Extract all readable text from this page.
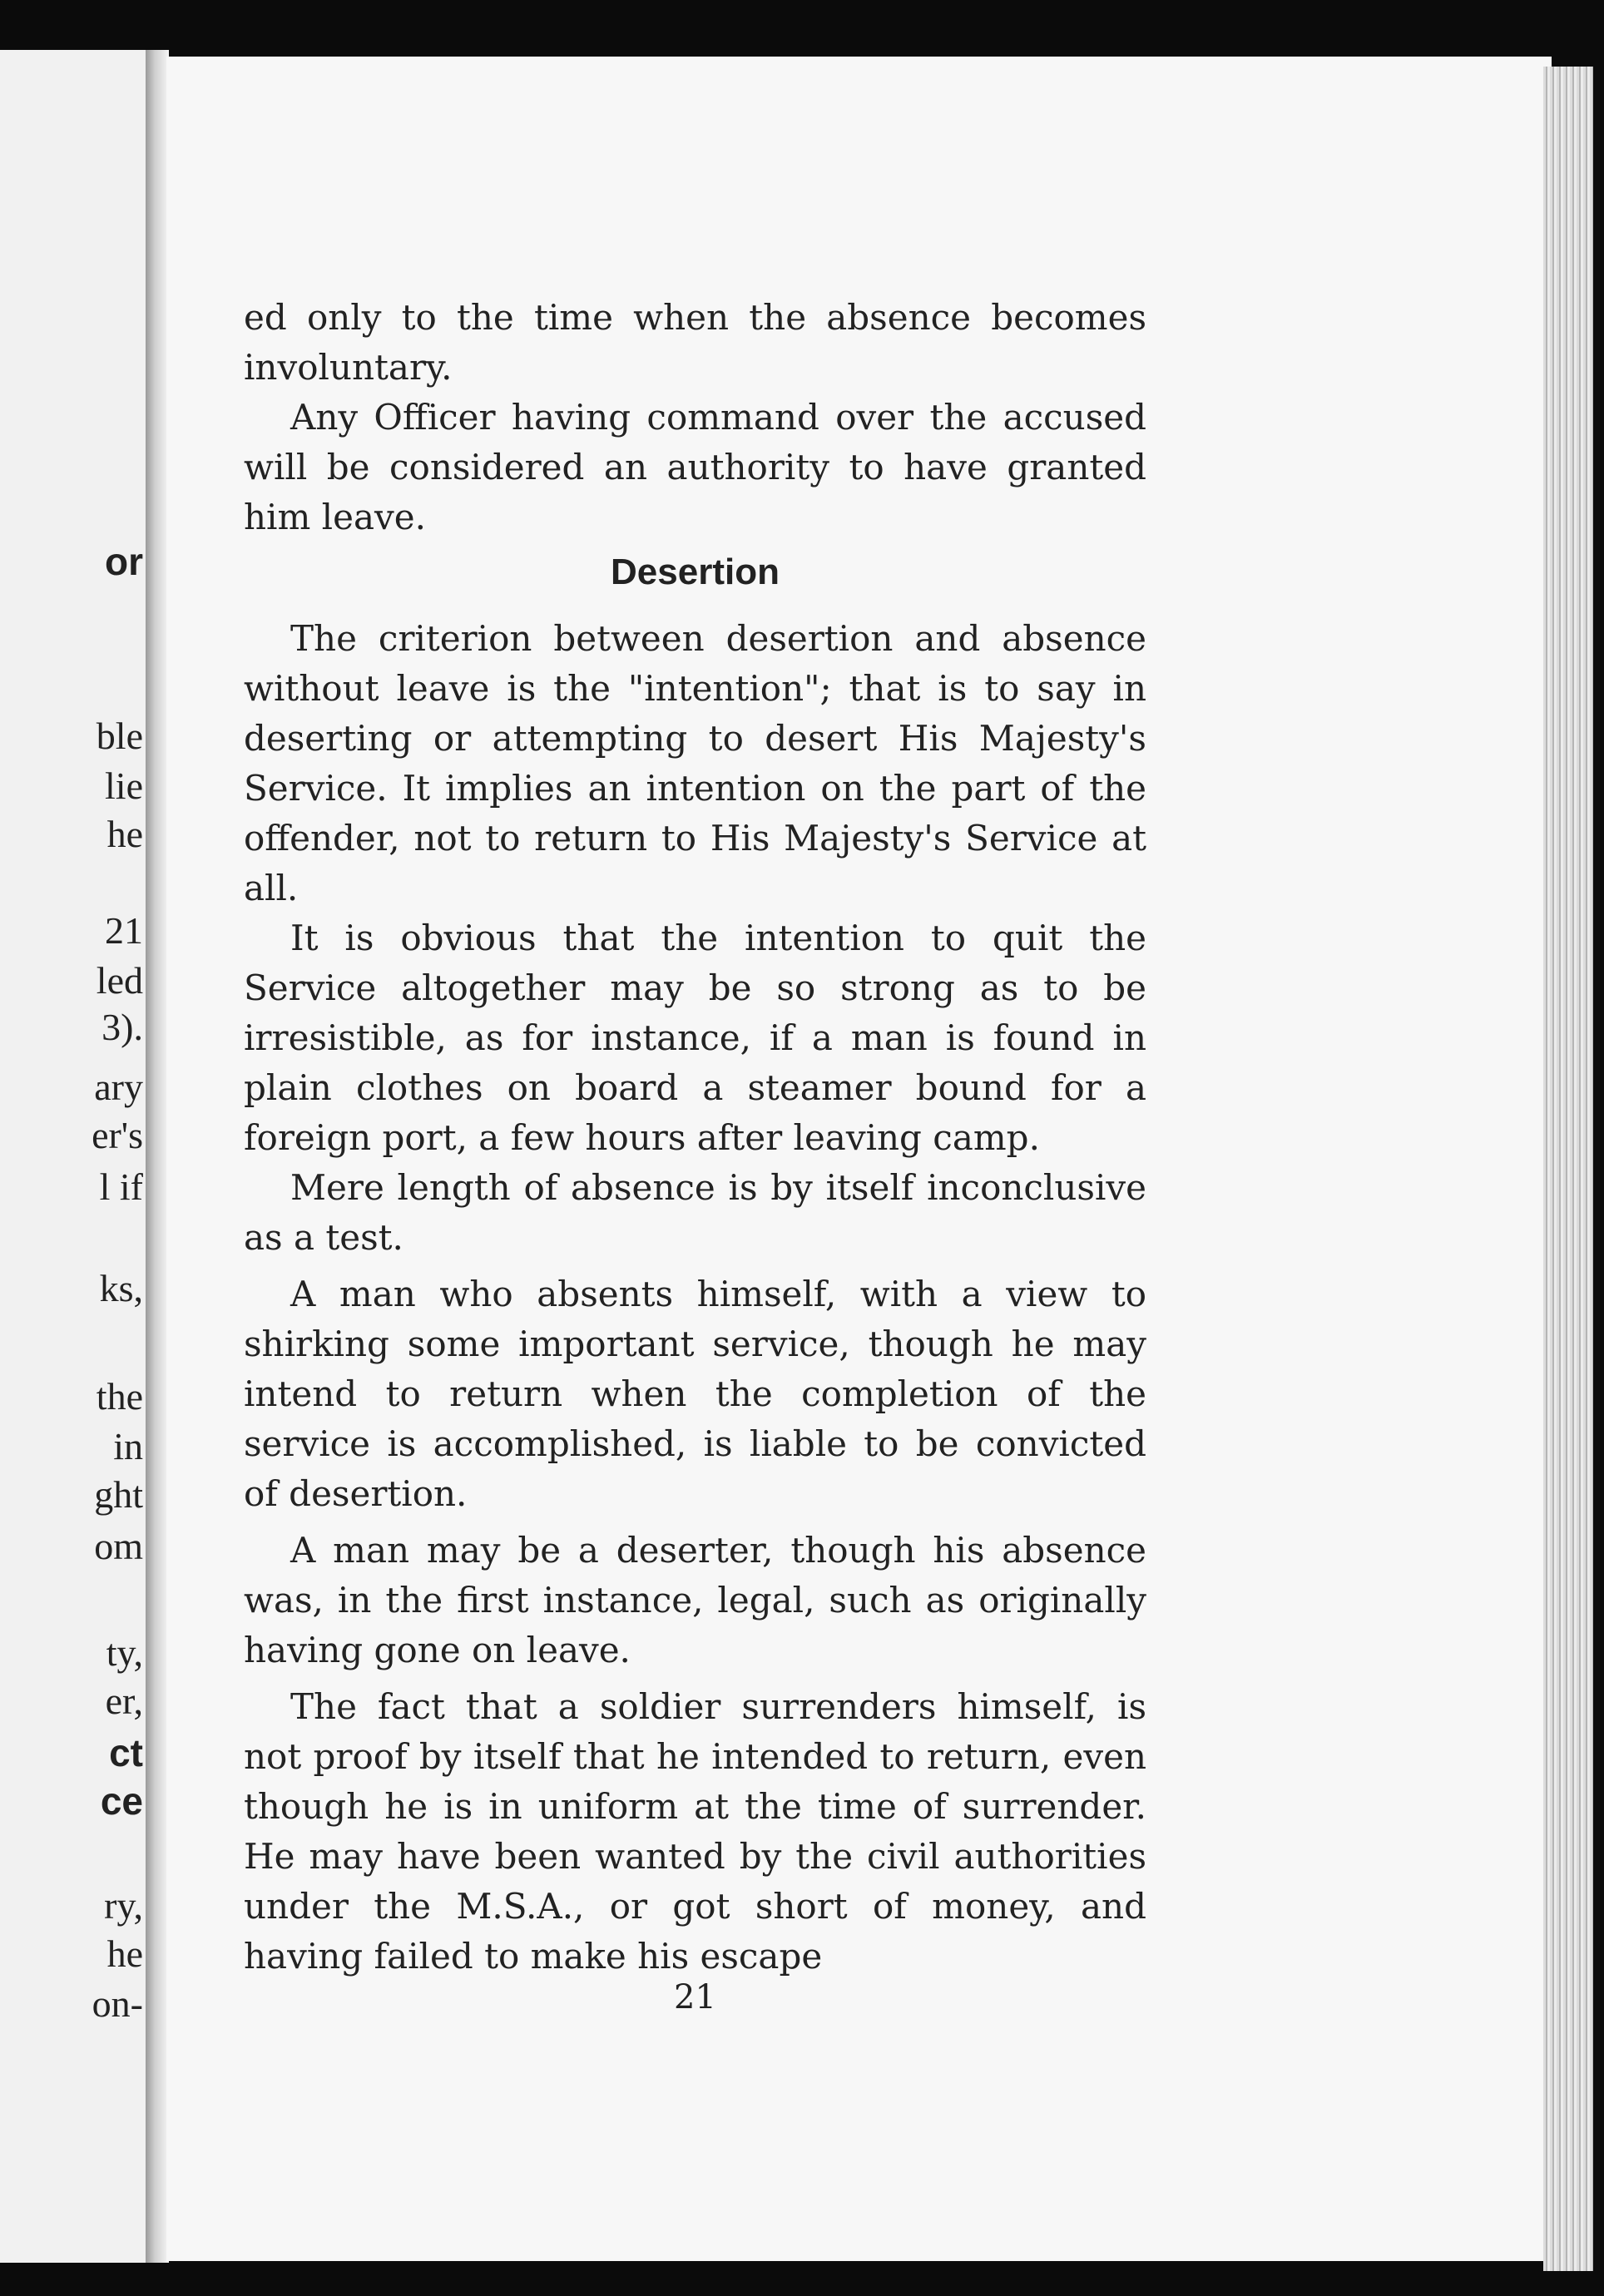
or
ble
lie
he
21
led
3).
ary
er's
l if
ks,
the
in
ght
om
ty,
er,
ct
ce
ry,
he
on-

ed only to the time when the absence becomes involuntary.

Any Officer having command over the accused will be considered an authority to have granted him leave.

Desertion

The criterion between desertion and absence without leave is the "intention"; that is to say in deserting or attempting to desert His Majesty's Service. It implies an intention on the part of the offender, not to return to His Majesty's Service at all.

It is obvious that the intention to quit the Service altogether may be so strong as to be irresistible, as for instance, if a man is found in plain clothes on board a steamer bound for a foreign port, a few hours after leaving camp.

Mere length of absence is by itself inconclusive as a test.

A man who absents himself, with a view to shirking some important service, though he may intend to return when the completion of the service is accomplished, is liable to be convicted of desertion.

A man may be a deserter, though his absence was, in the first instance, legal, such as originally having gone on leave.

The fact that a soldier surrenders himself, is not proof by itself that he intended to return, even though he is in uniform at the time of surrender. He may have been wanted by the civil authorities under the M.S.A., or got short of money, and having failed to make his escape

21
